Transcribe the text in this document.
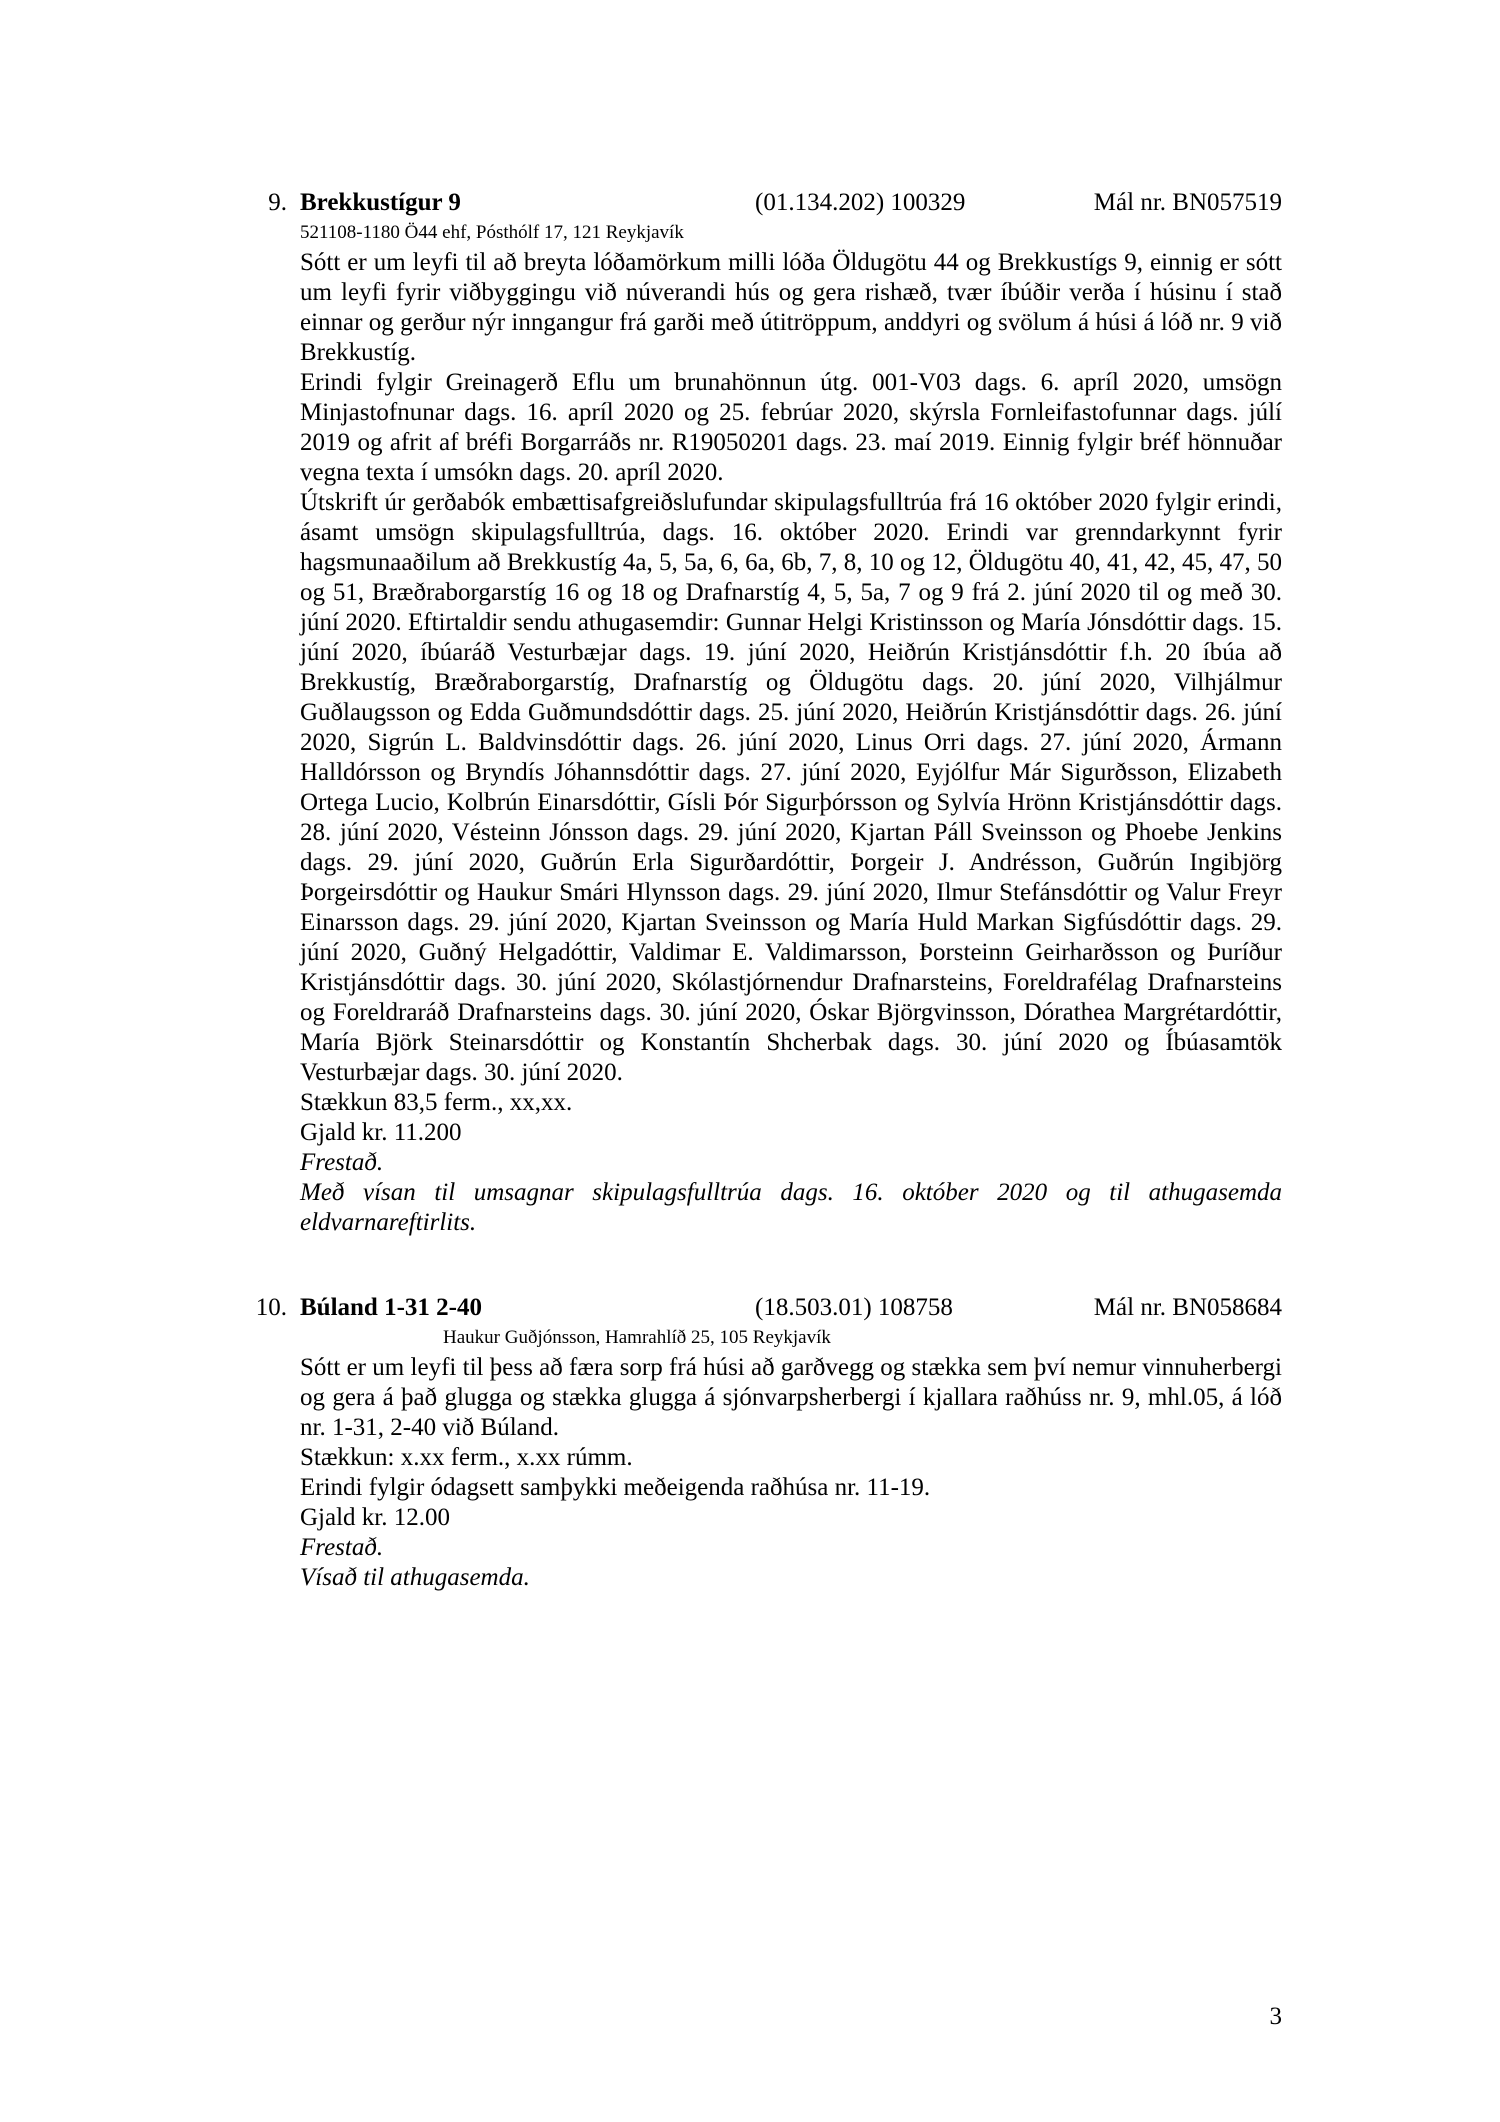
9. Brekkustígur 9	(01.134.202) 100329	Mál nr. BN057519
521108-1180 Ö44 ehf, Pósthólf 17, 121 Reykjavík

Sótt er um leyfi til að breyta lóðamörkum milli lóða Öldugötu 44 og Brekkustígs 9, einnig er sótt um leyfi fyrir viðbyggingu við núverandi hús og gera rishæð, tvær íbúðir verða í húsinu í stað einnar og gerður nýr inngangur frá garði með útitröppum, anddyri og svölum á húsi á lóð nr. 9 við Brekkustíg.

Erindi fylgir Greinagerð Eflu um brunahönnun útg. 001-V03 dags. 6. apríl 2020, umsögn Minjastofnunar dags. 16. apríl 2020 og 25. febrúar 2020, skýrsla Fornleifastofunnar dags. júlí 2019 og afrit af bréfi Borgarráðs nr. R19050201 dags. 23. maí 2019. Einnig fylgir bréf hönnuðar vegna texta í umsókn dags. 20. apríl 2020.

Útskrift úr gerðabók embættisafgreiðslufundar skipulagsfulltrúa frá 16 október 2020 fylgir erindi, ásamt umsögn skipulagsfulltrúa, dags. 16. október 2020. Erindi var grenndarkynnt fyrir hagsmunaaðilum að Brekkustíg 4a, 5, 5a, 6, 6a, 6b, 7, 8, 10 og 12, Öldugötu 40, 41, 42, 45, 47, 50 og 51, Bræðraborgarstíg 16 og 18 og Drafnarstíg 4, 5, 5a, 7 og 9 frá 2. júní 2020 til og með 30. júní 2020. Eftirtaldir sendu athugasemdir: Gunnar Helgi Kristinsson og María Jónsdóttir dags. 15. júní 2020, íbúaráð Vesturbæjar dags. 19. júní 2020, Heiðrún Kristjánsdóttir f.h. 20 íbúa að Brekkustíg, Bræðraborgarstíg, Drafnarstíg og Öldugötu dags. 20. júní 2020, Vilhjálmur Guðlaugsson og Edda Guðmundsdóttir dags. 25. júní 2020, Heiðrún Kristjánsdóttir dags. 26. júní 2020, Sigrún L. Baldvinsdóttir dags. 26. júní 2020, Linus Orri dags. 27. júní 2020, Ármann Halldórsson og Bryndís Jóhannsdóttir dags. 27. júní 2020, Eyjólfur Már Sigurðsson, Elizabeth Ortega Lucio, Kolbrún Einarsdóttir, Gísli Þór Sigurþórsson og Sylvía Hrönn Kristjánsdóttir dags. 28. júní 2020, Vésteinn Jónsson dags. 29. júní 2020, Kjartan Páll Sveinsson og Phoebe Jenkins dags. 29. júní 2020, Guðrún Erla Sigurðardóttir, Þorgeir J. Andrésson, Guðrún Ingibjörg Þorgeirsdóttir og Haukur Smári Hlynsson dags. 29. júní 2020, Ilmur Stefánsdóttir og Valur Freyr Einarsson dags. 29. júní 2020, Kjartan Sveinsson og María Huld Markan Sigfúsdóttir dags. 29. júní 2020, Guðný Helgadóttir, Valdimar E. Valdimarsson, Þorsteinn Geirharðsson og Þuríður Kristjánsdóttir dags. 30. júní 2020, Skólastjórnendur Drafnarsteins, Foreldrafélag Drafnarsteins og Foreldraráð Drafnarsteins dags. 30. júní 2020, Óskar Björgvinsson, Dórathea Margrétardóttir, María Björk Steinarsdóttir og Konstantín Shcherbak dags. 30. júní 2020 og Íbúasamtök Vesturbæjar dags. 30. júní 2020.

Stækkun 83,5 ferm., xx,xx.

Gjald kr. 11.200

Frestað.

Með vísan til umsagnar skipulagsfulltrúa dags. 16. október 2020 og til athugasemda eldvarnareftirlits.

10. Búland 1-31 2-40	(18.503.01) 108758	Mál nr. BN058684
Haukur Guðjónsson, Hamrahlíð 25, 105 Reykjavík

Sótt er um leyfi til þess að færa sorp frá húsi að garðvegg og stækka sem því nemur vinnuherbergi og gera á það glugga og stækka glugga á sjónvarpsherbergi í kjallara raðhúss nr. 9, mhl.05, á lóð nr. 1-31, 2-40 við Búland.

Stækkun: x.xx ferm., x.xx rúmm.

Erindi fylgir ódagsett samþykki meðeigenda raðhúsa nr. 11-19.

Gjald kr. 12.00

Frestað.

Vísað til athugasemda.

3
